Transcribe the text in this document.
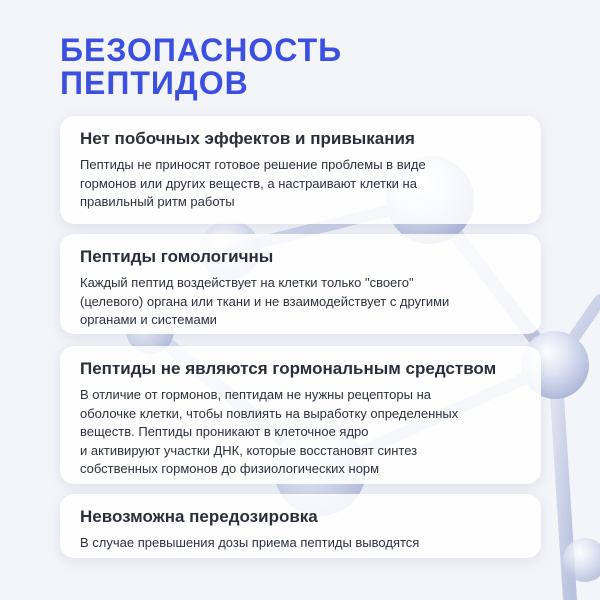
БЕЗОПАСНОСТЬ
ПЕПТИДОВ
Нет побочных эффектов и привыкания

Пептиды не приносят готовое решение проблемы в виде
гормонов или других веществ, а настраивают клетки на
правильный ритм работы

Пептиды гомологичны

Каждый пептид воздействует на клетки только "своего"
(целевого) органа или ткани и не взаимодействует с другими
органами и системами

Пептиды не являются гормональным средством

В отличие от гормонов, пептидам не нужны рецепторы на
оболочке клетки, чтобы повлиять на выработку определенных
веществ. Пептиды проникают в клеточное ядро
и активируют участки ДНК, которые восстановят синтез
собственных гормонов до физиологических норм

Невозможна передозировка

В случае превышения дозы приема пептиды выводятся
